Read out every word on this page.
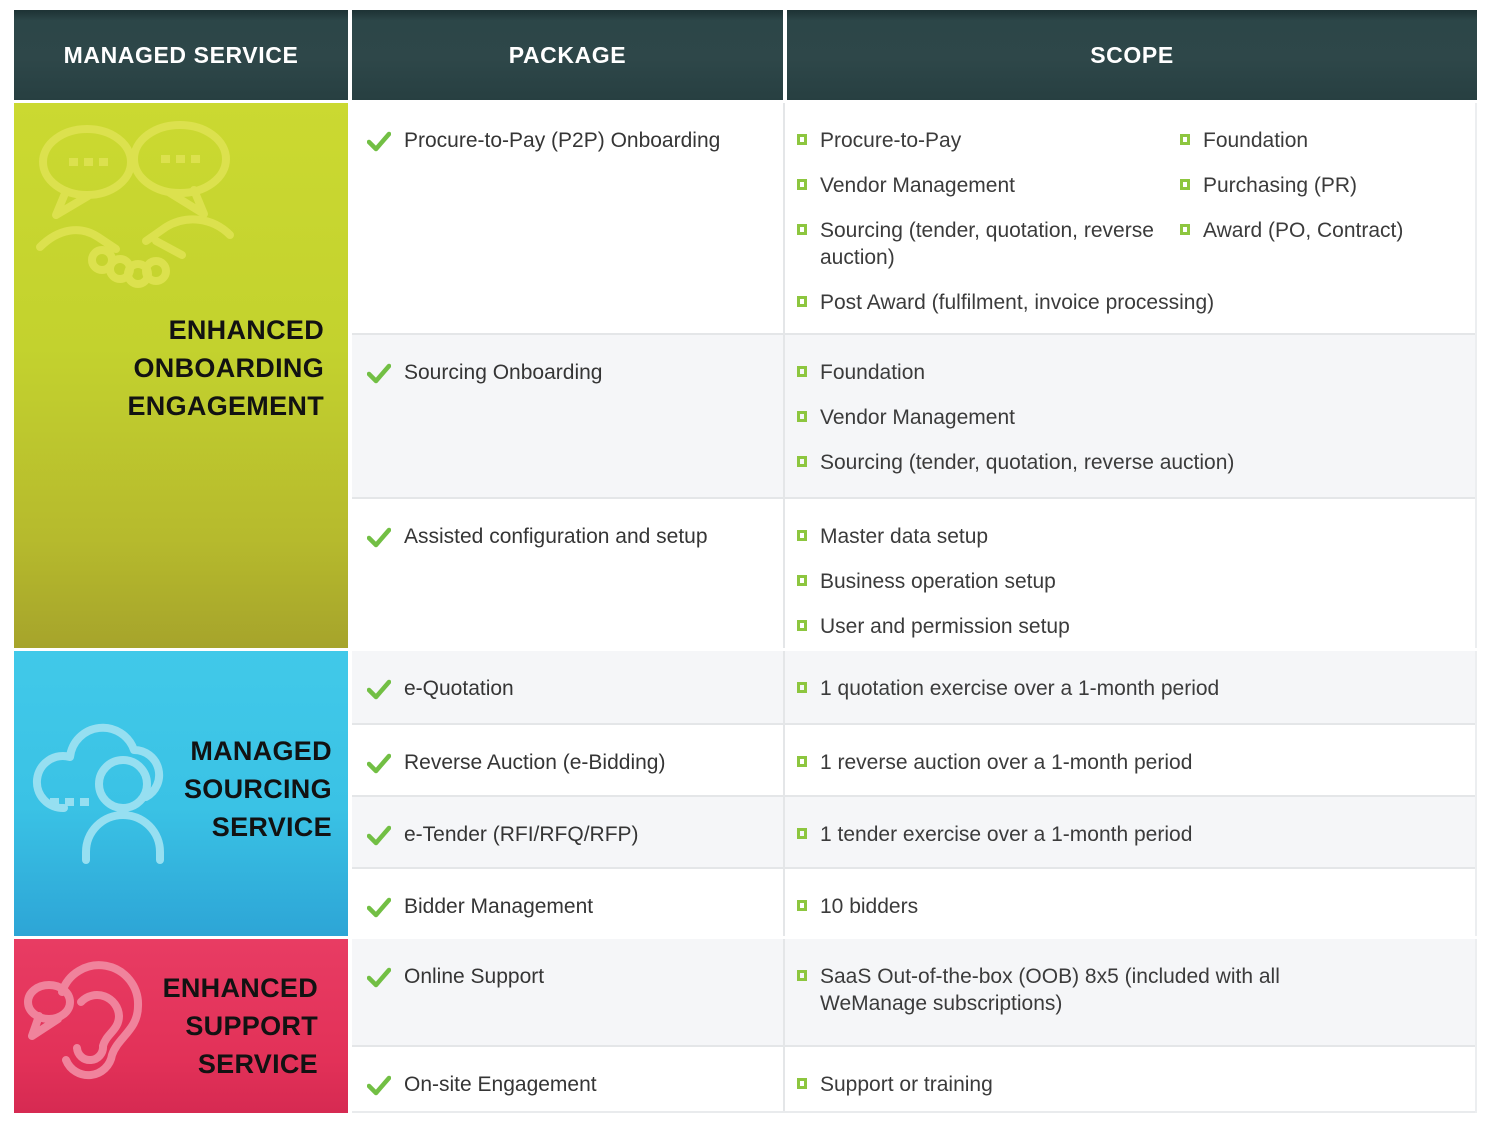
MANAGED SERVICE	PACKAGE	SCOPE
ENHANCED
ONBOARDING
ENGAGEMENT
Procure-to-Pay (P2P) Onboarding	Procure-to-Pay
Vendor Management
Sourcing (tender, quotation, reverse auction)
Foundation
Purchasing (PR)
Award (PO, Contract)
Post Award (fulfilment, invoice processing)
Sourcing Onboarding	Foundation
Vendor Management
Sourcing (tender, quotation, reverse auction)
Assisted configuration and setup	Master data setup
Business operation setup
User and permission setup
MANAGED
SOURCING
SERVICE
e-Quotation	1 quotation exercise over a 1-month period
Reverse Auction (e-Bidding)	1 reverse auction over a 1-month period
e-Tender (RFI/RFQ/RFP)	1 tender exercise over a 1-month period
Bidder Management	10 bidders
ENHANCED
SUPPORT
SERVICE
Online Support	SaaS Out-of-the-box (OOB) 8x5 (included with all WeManage subscriptions)
On-site Engagement	Support or training
